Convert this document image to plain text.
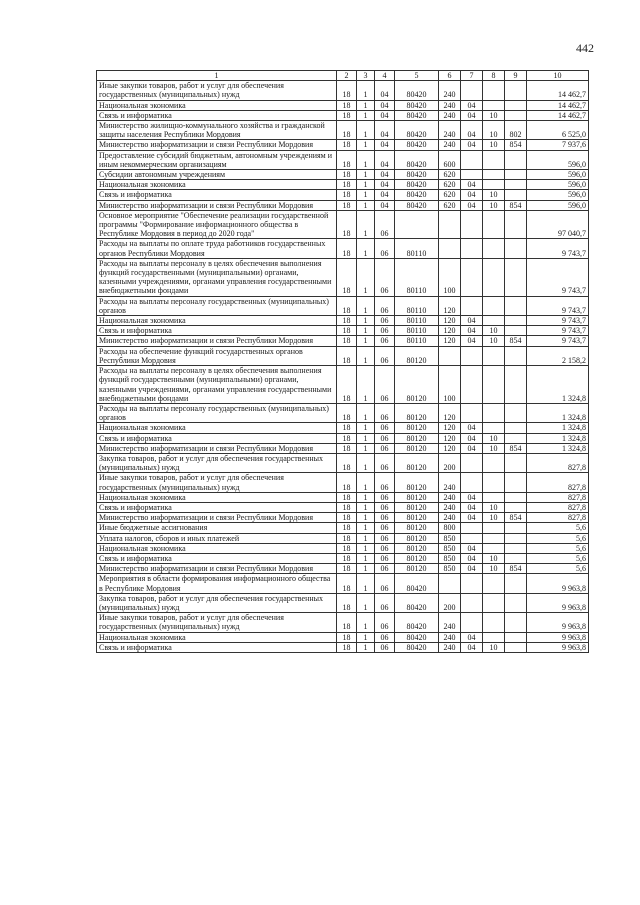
442
1	2	3	4	5	6	7	8	9	10
Иные закупки товаров, работ и услуг для обеспечения государственных (муниципальных) нужд	18	1	04	80420	240				14 462,7
Национальная экономика	18	1	04	80420	240	04			14 462,7
Связь и информатика	18	1	04	80420	240	04	10		14 462,7
Министерство жилищно-коммунального хозяйства и гражданской защиты населения Республики Мордовия	18	1	04	80420	240	04	10	802	6 525,0
Министерство информатизации и связи Республики Мордовия	18	1	04	80420	240	04	10	854	7 937,6
Предоставление субсидий бюджетным, автономным учреждениям и иным некоммерческим организациям	18	1	04	80420	600				596,0
Субсидии автономным учреждениям	18	1	04	80420	620				596,0
Национальная экономика	18	1	04	80420	620	04			596,0
Связь и информатика	18	1	04	80420	620	04	10		596,0
Министерство информатизации и связи Республики Мордовия	18	1	04	80420	620	04	10	854	596,0
Основное мероприятие "Обеспечение реализации государственной программы "Формирование информационного общества в Республике Мордовия в период до 2020 года"	18	1	06						97 040,7
Расходы на выплаты по оплате труда работников государственных органов Республики Мордовия	18	1	06	80110					9 743,7
Расходы на выплаты персоналу в целях обеспечения выполнения функций государственными (муниципальными) органами, казенными учреждениями, органами управления государственными внебюджетными фондами	18	1	06	80110	100				9 743,7
Расходы на выплаты персоналу государственных (муниципальных) органов	18	1	06	80110	120				9 743,7
Национальная экономика	18	1	06	80110	120	04			9 743,7
Связь и информатика	18	1	06	80110	120	04	10		9 743,7
Министерство информатизации и связи Республики Мордовия	18	1	06	80110	120	04	10	854	9 743,7
Расходы на обеспечение функций государственных органов Республики Мордовия	18	1	06	80120					2 158,2
Расходы на выплаты персоналу в целях обеспечения выполнения функций государственными (муниципальными) органами, казенными учреждениями, органами управления государственными внебюджетными фондами	18	1	06	80120	100				1 324,8
Расходы на выплаты персоналу государственных (муниципальных) органов	18	1	06	80120	120				1 324,8
Национальная экономика	18	1	06	80120	120	04			1 324,8
Связь и информатика	18	1	06	80120	120	04	10		1 324,8
Министерство информатизации и связи Республики Мордовия	18	1	06	80120	120	04	10	854	1 324,8
Закупка товаров, работ и услуг для обеспечения государственных (муниципальных) нужд	18	1	06	80120	200				827,8
Иные закупки товаров, работ и услуг для обеспечения государственных (муниципальных) нужд	18	1	06	80120	240				827,8
Национальная экономика	18	1	06	80120	240	04			827,8
Связь и информатика	18	1	06	80120	240	04	10		827,8
Министерство информатизации и связи Республики Мордовия	18	1	06	80120	240	04	10	854	827,8
Иные бюджетные ассигнования	18	1	06	80120	800				5,6
Уплата налогов, сборов и иных платежей	18	1	06	80120	850				5,6
Национальная экономика	18	1	06	80120	850	04			5,6
Связь и информатика	18	1	06	80120	850	04	10		5,6
Министерство информатизации и связи Республики Мордовия	18	1	06	80120	850	04	10	854	5,6
Мероприятия в области формирования информационного общества в Республике Мордовия	18	1	06	80420					9 963,8
Закупка товаров, работ и услуг для обеспечения государственных (муниципальных) нужд	18	1	06	80420	200				9 963,8
Иные закупки товаров, работ и услуг для обеспечения государственных (муниципальных) нужд	18	1	06	80420	240				9 963,8
Национальная экономика	18	1	06	80420	240	04			9 963,8
Связь и информатика	18	1	06	80420	240	04	10		9 963,8
